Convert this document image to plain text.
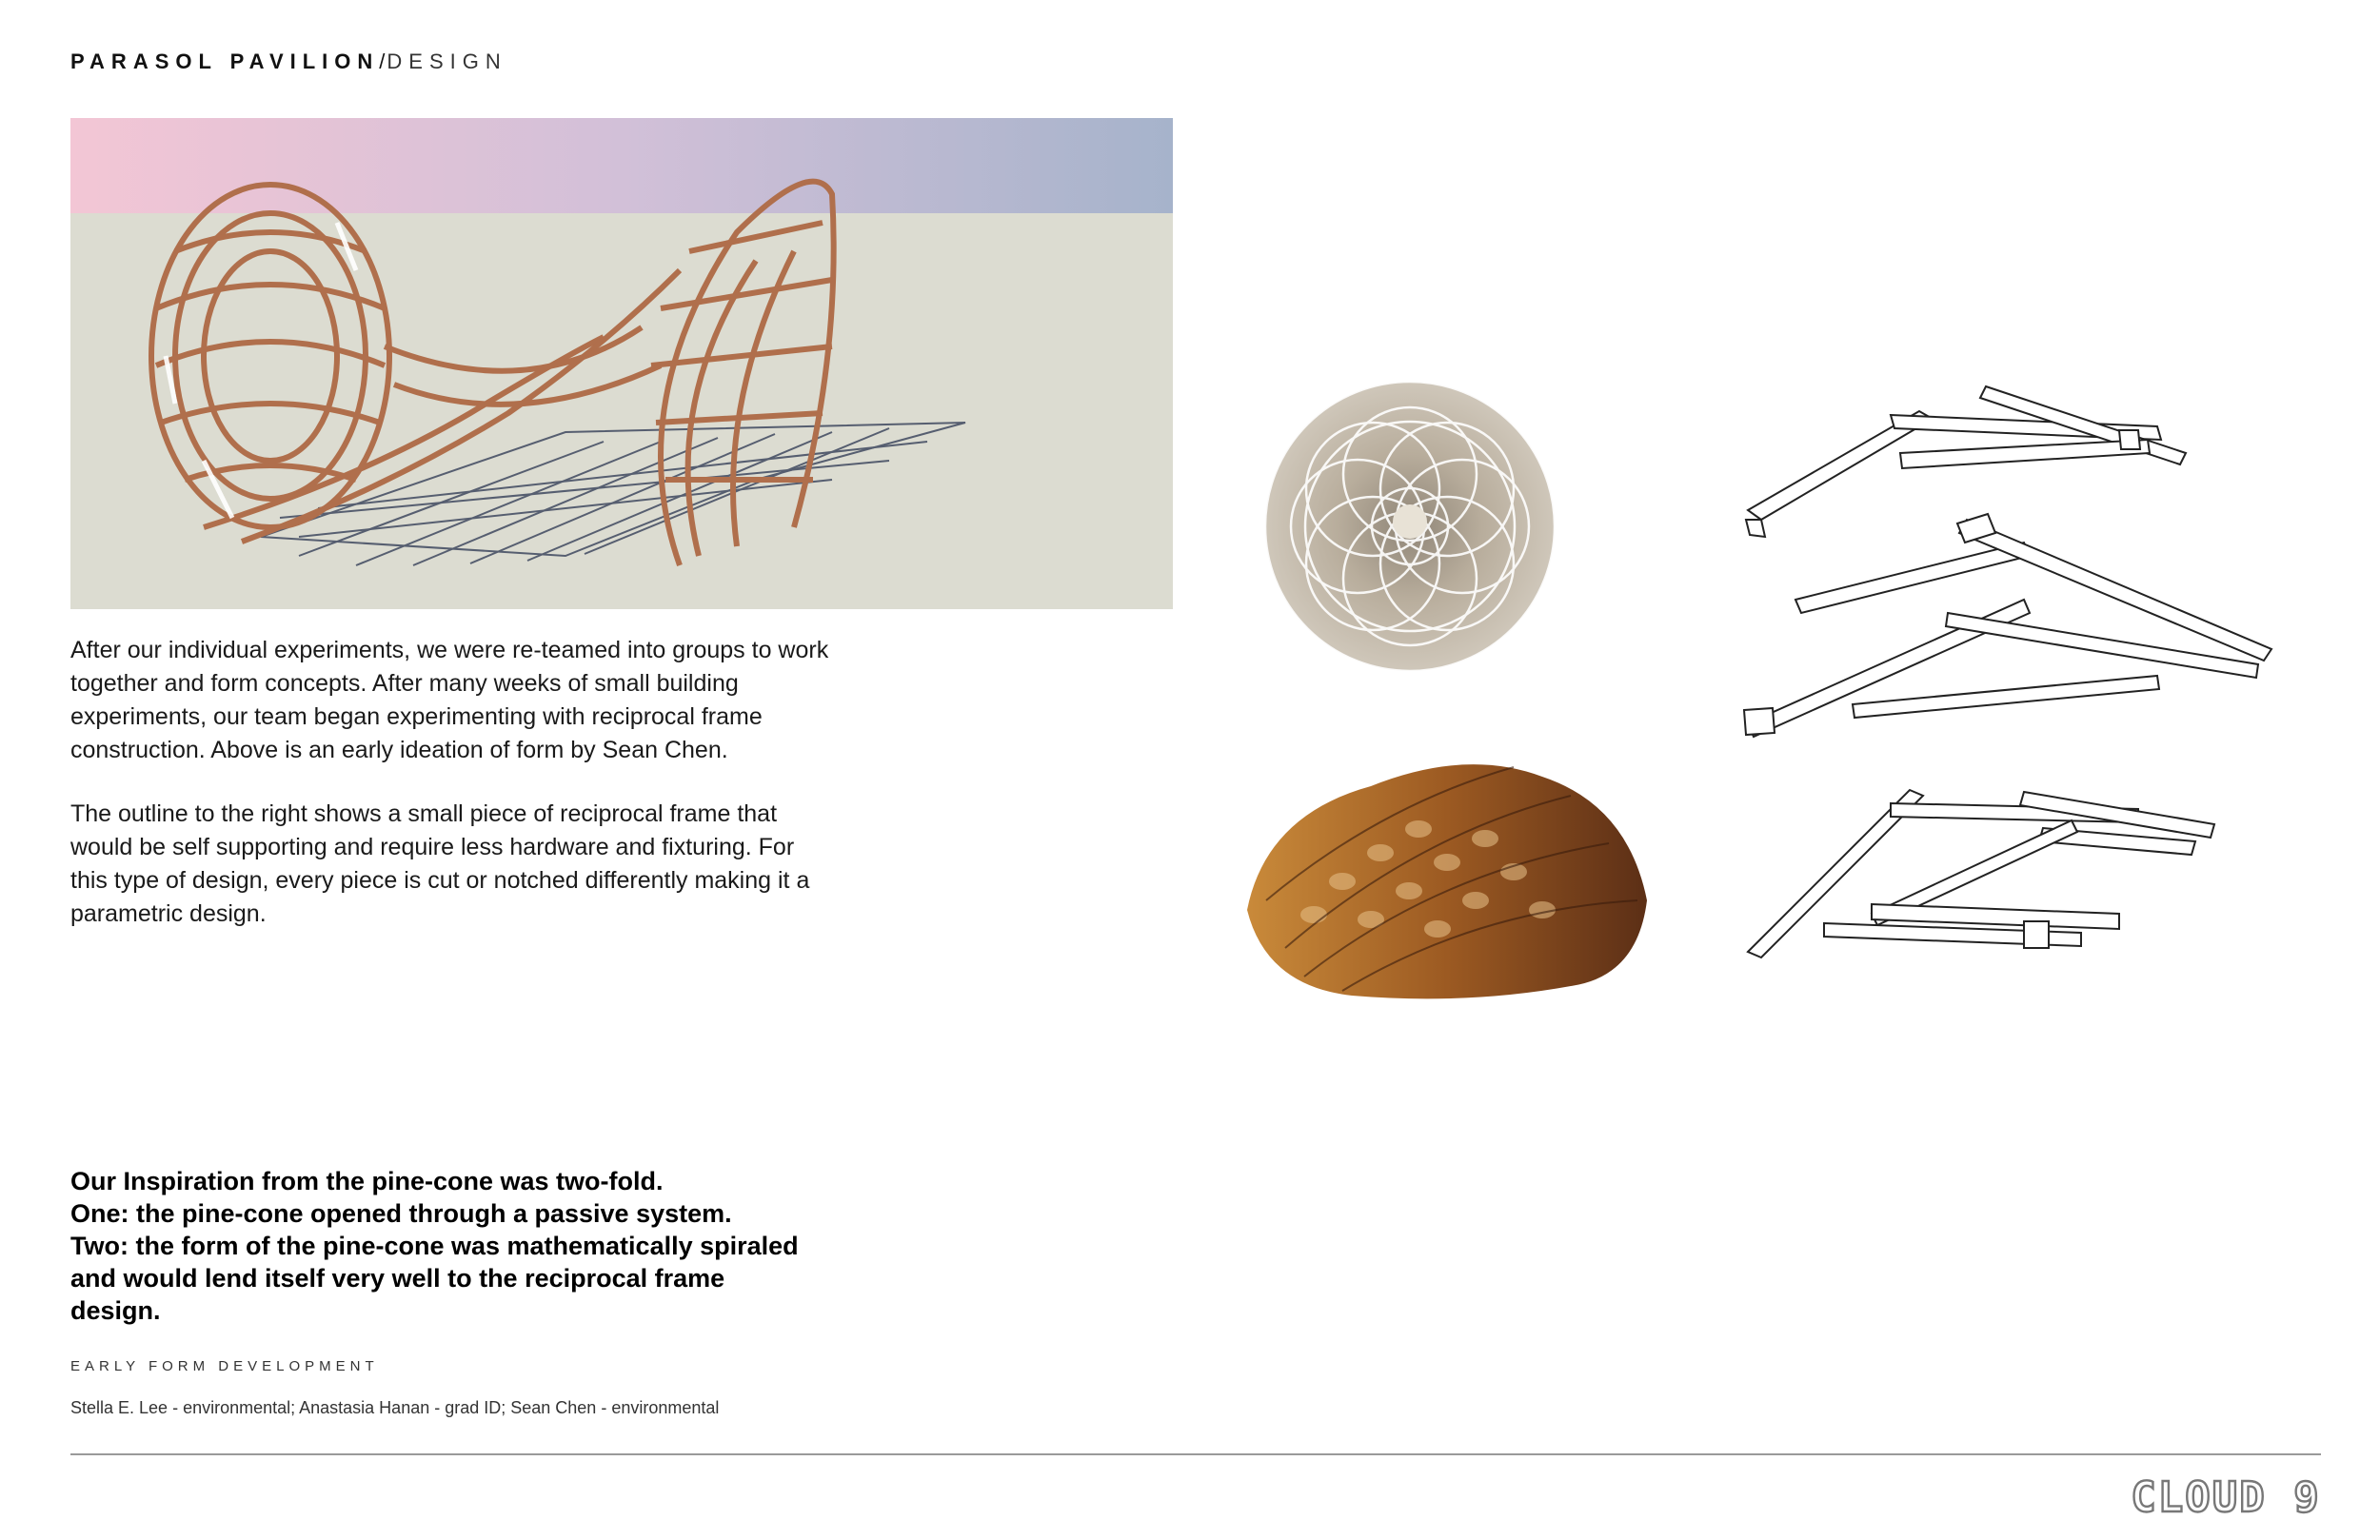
PARASOL PAVILION/DESIGN

After our individual experiments, we were re-teamed into groups to work together and form concepts. After many weeks of small building experiments, our team began experimenting with reciprocal frame construction. Above is an early ideation of form by Sean Chen.

The outline to the right shows a small piece of reciprocal frame that would be self supporting and require less hardware and fixturing. For this type of design, every piece is cut or notched differently making it a parametric design.

Our Inspiration from the pine-cone was two-fold.
One: the pine-cone opened through a passive system.
Two: the form of the pine-cone was mathematically spiraled and would lend itself very well to the reciprocal frame design.

EARLY FORM DEVELOPMENT
Stella E. Lee - environmental; Anastasia Hanan - grad ID; Sean Chen - environmental
CLOUD 9
